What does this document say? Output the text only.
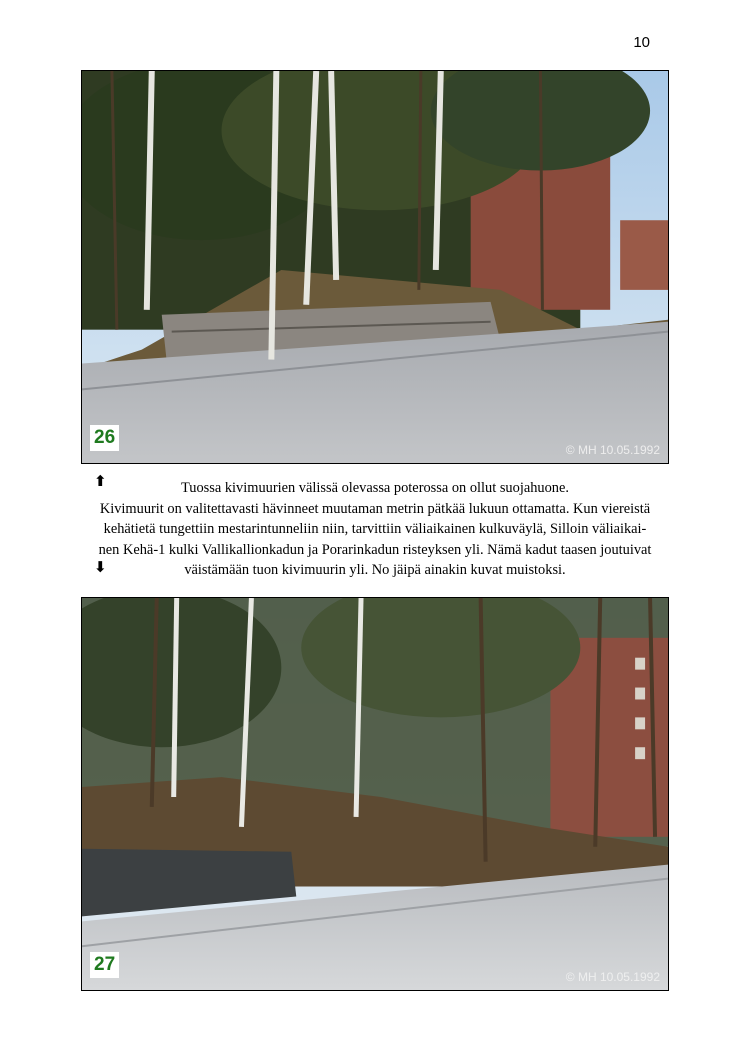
10
26
© MH 10.05.1992
⬆	Tuossa kivimuurien välissä olevassa poterossa on ollut suojahuone.

Kivimuurit on valitettavasti hävinneet muutaman metrin pätkää lukuun ottamatta. Kun viereistä

kehätietä tungettiin mestarintunneliin niin, tarvittiin väliaikainen kulkuväylä, Silloin väliaikai-

nen Kehä-1 kulki Vallikallionkadun ja Porarinkadun risteyksen yli. Nämä kadut taasen joutuivat

väistämään tuon kivimuurin yli. No jäipä ainakin kuvat muistoksi.

⬇
27
© MH 10.05.1992
